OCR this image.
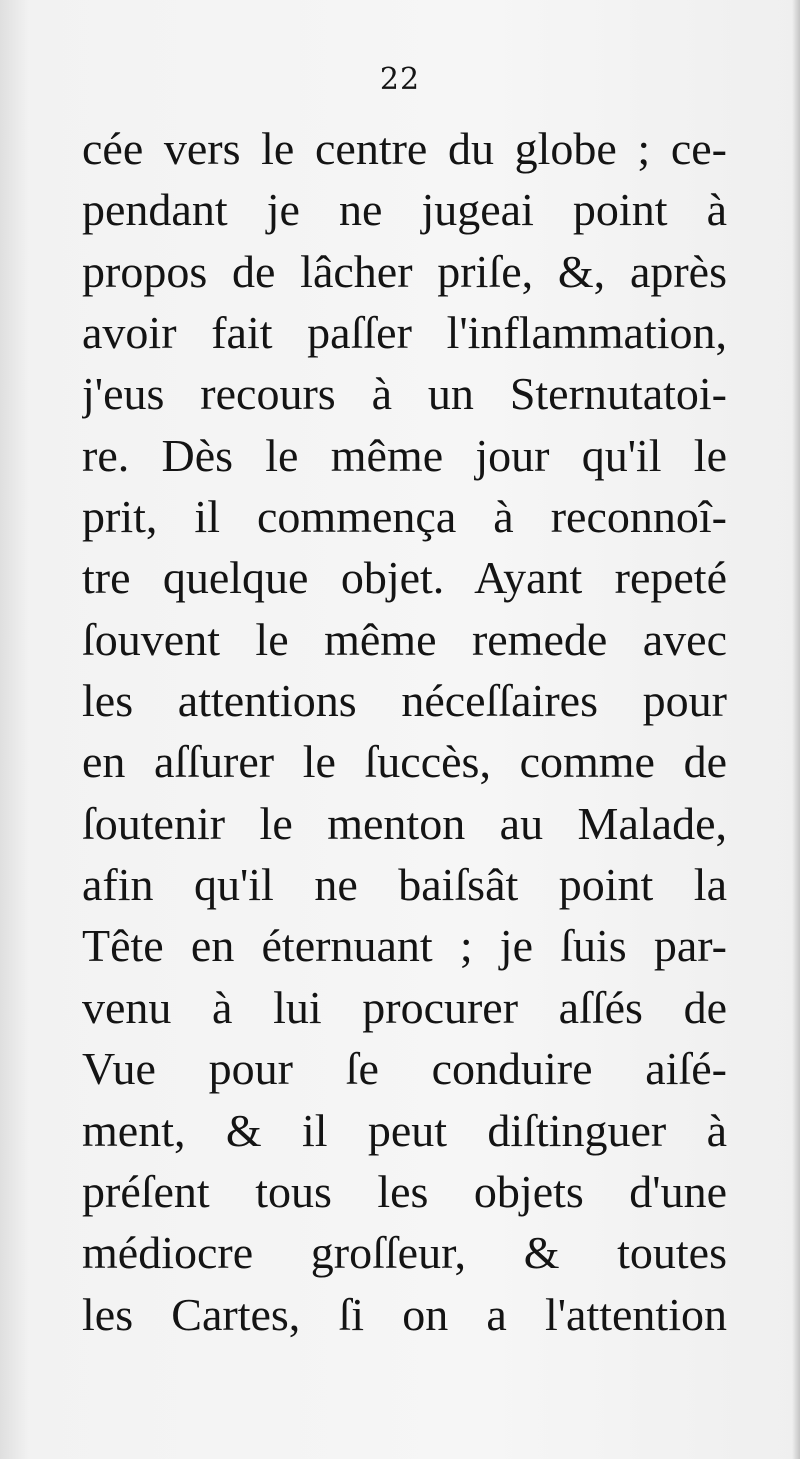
22
cée vers le centre du globe ; ce-
pendant je ne jugeai point à
propos de lâcher priſe, &, après
avoir fait paſſer l'inflammation,
j'eus recours à un Sternutatoi-
re. Dès le même jour qu'il le
prit, il commença à reconnoî-
tre quelque objet. Ayant repeté
ſouvent le même remede avec
les attentions néceſſaires pour
en aſſurer le ſuccès, comme de
ſoutenir le menton au Malade,
afin qu'il ne baiſsât point la
Tête en éternuant ; je ſuis par-
venu à lui procurer aſſés de
Vue pour ſe conduire aiſé-
ment, & il peut diſtinguer à
préſent tous les objets d'une
médiocre groſſeur, & toutes
les Cartes, ſi on a l'attention
